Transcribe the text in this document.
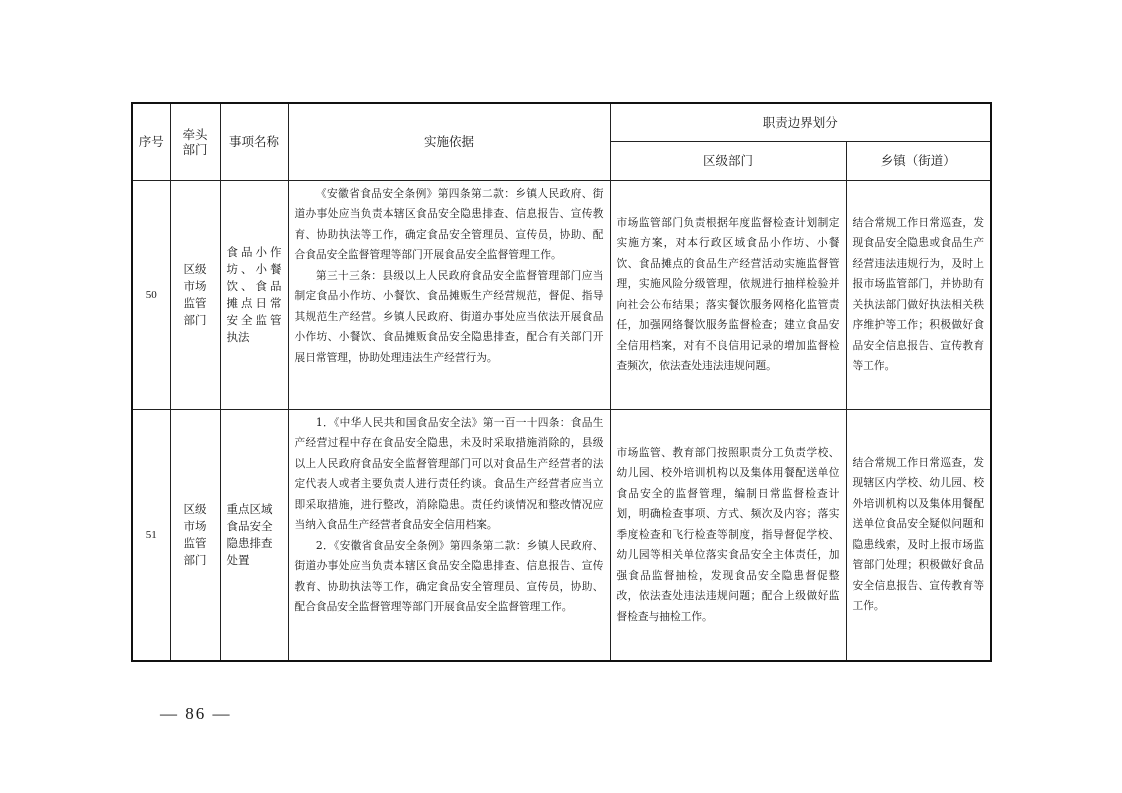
序号	牵头部门	事项名称	实施依据	职责边界划分	
				区级部门	乡镇（街道）
50	区级市场监管部门	食品小作坊、小餐饮、食品摊点日常安全监管执法	《安徽省食品安全条例》第四条第二款：乡镇人民政府、街道办事处应当负责本辖区食品安全隐患排查、信息报告、宣传教育、协助执法等工作，确定食品安全管理员、宣传员，协助、配合食品安全监督管理等部门开展食品安全监督管理工作。

第三十三条：县级以上人民政府食品安全监督管理部门应当制定食品小作坊、小餐饮、食品摊贩生产经营规范，督促、指导其规范生产经营。乡镇人民政府、街道办事处应当依法开展食品小作坊、小餐饮、食品摊贩食品安全隐患排查，配合有关部门开展日常管理，协助处理违法生产经营行为。	市场监管部门负责根据年度监督检查计划制定实施方案，对本行政区域食品小作坊、小餐饮、食品摊点的食品生产经营活动实施监督管理，实施风险分级管理，依规进行抽样检验并向社会公布结果；落实餐饮服务网格化监管责任，加强网络餐饮服务监督检查；建立食品安全信用档案，对有不良信用记录的增加监督检查频次，依法查处违法违规问题。	结合常规工作日常巡查，发现食品安全隐患或食品生产经营违法违规行为，及时上报市场监管部门，并协助有关执法部门做好执法相关秩序维护等工作；积极做好食品安全信息报告、宣传教育等工作。

51	区级市场监管部门	重点区域食品安全隐患排查处置	1．《中华人民共和国食品安全法》第一百一十四条：食品生产经营过程中存在食品安全隐患，未及时采取措施消除的，县级以上人民政府食品安全监督管理部门可以对食品生产经营者的法定代表人或者主要负责人进行责任约谈。食品生产经营者应当立即采取措施，进行整改，消除隐患。责任约谈情况和整改情况应当纳入食品生产经营者食品安全信用档案。

2．《安徽省食品安全条例》第四条第二款：乡镇人民政府、街道办事处应当负责本辖区食品安全隐患排查、信息报告、宣传教育、协助执法等工作，确定食品安全管理员、宣传员，协助、配合食品安全监督管理等部门开展食品安全监督管理工作。	市场监管、教育部门按照职责分工负责学校、幼儿园、校外培训机构以及集体用餐配送单位食品安全的监督管理，编制日常监督检查计划，明确检查事项、方式、频次及内容；落实季度检查和飞行检查等制度，指导督促学校、幼儿园等相关单位落实食品安全主体责任，加强食品监督抽检，发现食品安全隐患督促整改，依法查处违法违规问题；配合上级做好监督检查与抽检工作。	结合常规工作日常巡查，发现辖区内学校、幼儿园、校外培训机构以及集体用餐配送单位食品安全疑似问题和隐患线索，及时上报市场监管部门处理；积极做好食品安全信息报告、宣传教育等工作。

— 86 —
